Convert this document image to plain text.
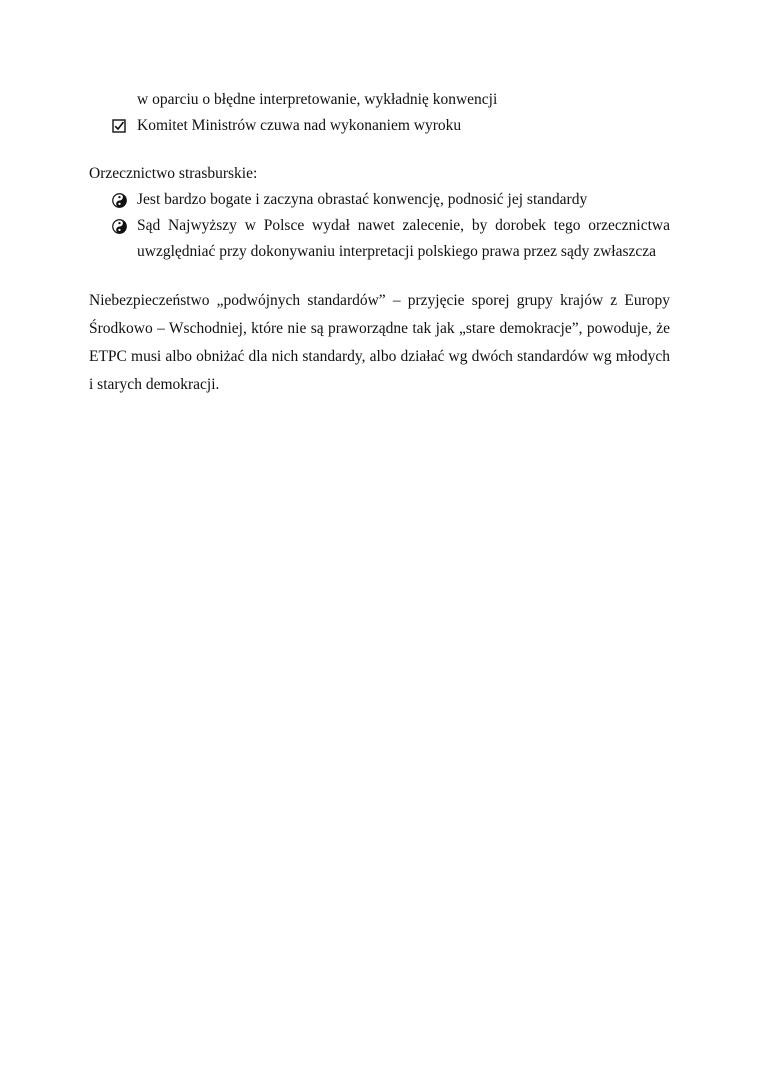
w oparciu o błędne interpretowanie, wykładnię konwencji
Komitet Ministrów czuwa nad wykonaniem wyroku
Orzecznictwo strasburskie:
Jest bardzo bogate i zaczyna obrastać konwencję, podnosić jej standardy
Sąd Najwyższy w Polsce wydał nawet zalecenie, by dorobek tego orzecznictwa uwzględniać przy dokonywaniu interpretacji polskiego prawa przez sądy zwłaszcza
Niebezpieczeństwo „podwójnych standardów” – przyjęcie sporej grupy krajów z Europy Środkowo – Wschodniej, które nie są praworządne tak jak „stare demokracje”, powoduje, że ETPC musi albo obniżać dla nich standardy, albo działać wg dwóch standardów wg młodych i starych demokracji.
